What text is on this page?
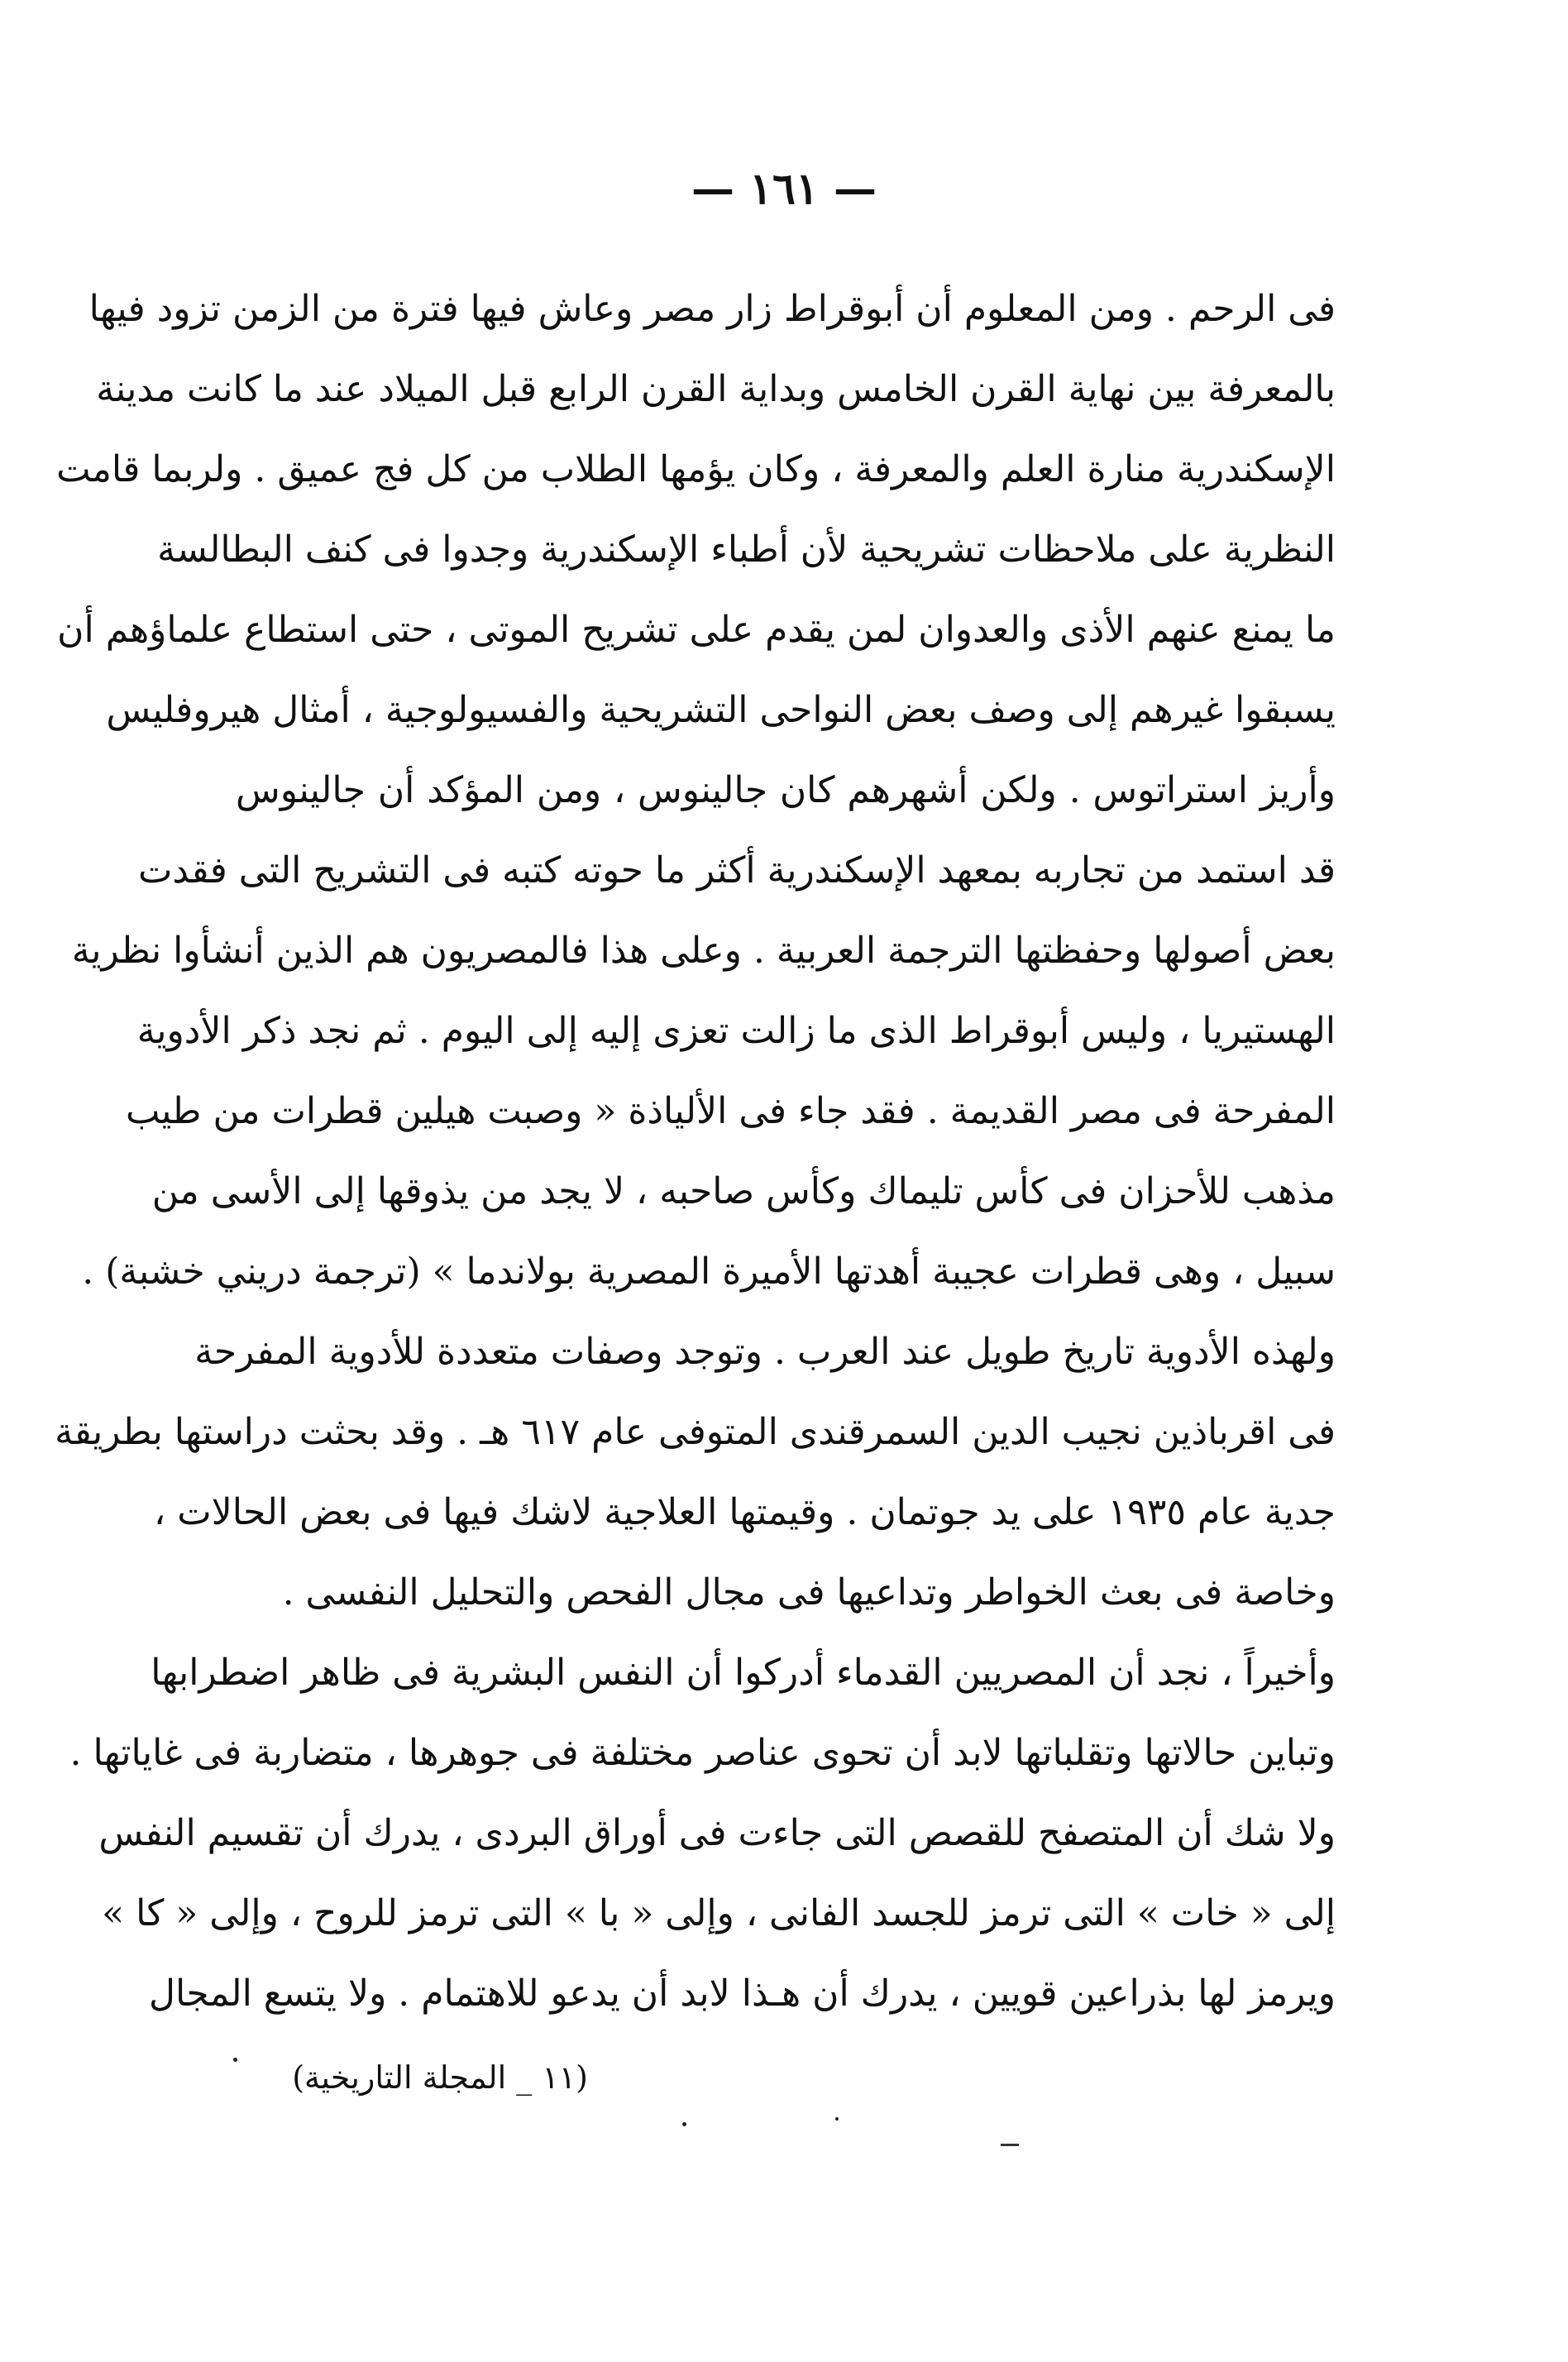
— ١٦١ —
فى الرحم . ومن المعلوم أن أبوقراط زار مصر وعاش فيها فترة من الزمن تزود فيها
بالمعرفة بين نهاية القرن الخامس وبداية القرن الرابع قبل الميلاد عند ما كانت مدينة
الإسكندرية منارة العلم والمعرفة ، وكان يؤمها الطلاب من كل فج عميق . ولربما قامت
النظرية على ملاحظات تشريحية لأن أطباء الإسكندرية وجدوا فى كنف البطالسة
ما يمنع عنهم الأذى والعدوان لمن يقدم على تشريح الموتى ، حتى استطاع علماؤهم أن
يسبقوا غيرهم إلى وصف بعض النواحى التشريحية والفسيولوجية ، أمثال هيروفليس
وأريز استراتوس . ولكن أشهرهم كان جالينوس ، ومن المؤكد أن جالينوس
قد استمد من تجاربه بمعهد الإسكندرية أكثر ما حوته كتبه فى التشريح التى فقدت
بعض أصولها وحفظتها الترجمة العربية . وعلى هذا فالمصريون هم الذين أنشأوا نظرية
الهستيريا ، وليس أبوقراط الذى ما زالت تعزى إليه إلى اليوم . ثم نجد ذكر الأدوية
المفرحة فى مصر القديمة . فقد جاء فى الألياذة « وصبت هيلين قطرات من طيب
مذهب للأحزان فى كأس تليماك وكأس صاحبه ، لا يجد من يذوقها إلى الأسى من
سبيل ، وهى قطرات عجيبة أهدتها الأميرة المصرية بولاندما » (ترجمة دريني خشبة) .
ولهذه الأدوية تاريخ طويل عند العرب . وتوجد وصفات متعددة للأدوية المفرحة
فى اقرباذين نجيب الدين السمرقندى المتوفى عام ٦١٧ هـ . وقد بحثت دراستها بطريقة
جدية عام ١٩٣٥ على يد جوتمان . وقيمتها العلاجية لاشك فيها فى بعض الحالات ،
وخاصة فى بعث الخواطر وتداعيها فى مجال الفحص والتحليل النفسى .
وأخيراً ، نجد أن المصريين القدماء أدركوا أن النفس البشرية فى ظاهر اضطرابها
وتباين حالاتها وتقلباتها لابد أن تحوى عناصر مختلفة فى جوهرها ، متضاربة فى غاياتها .
ولا شك أن المتصفح للقصص التى جاءت فى أوراق البردى ، يدرك أن تقسيم النفس
إلى « خات » التى ترمز للجسد الفانى ، وإلى « با » التى ترمز للروح ، وإلى « كا »
ويرمز لها بذراعين قويين ، يدرك أن هـذا لابد أن يدعو للاهتمام . ولا يتسع المجال
(١١ _ المجلة التاريخية)
